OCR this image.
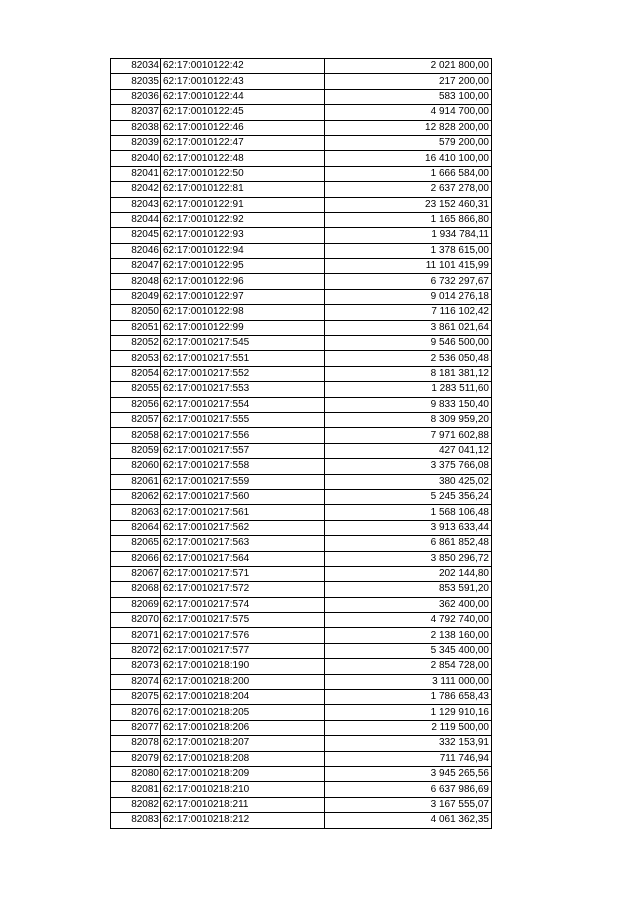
82034	62:17:0010122:42	2 021 800,00
82035	62:17:0010122:43	217 200,00
82036	62:17:0010122:44	583 100,00
82037	62:17:0010122:45	4 914 700,00
82038	62:17:0010122:46	12 828 200,00
82039	62:17:0010122:47	579 200,00
82040	62:17:0010122:48	16 410 100,00
82041	62:17:0010122:50	1 666 584,00
82042	62:17:0010122:81	2 637 278,00
82043	62:17:0010122:91	23 152 460,31
82044	62:17:0010122:92	1 165 866,80
82045	62:17:0010122:93	1 934 784,11
82046	62:17:0010122:94	1 378 615,00
82047	62:17:0010122:95	11 101 415,99
82048	62:17:0010122:96	6 732 297,67
82049	62:17:0010122:97	9 014 276,18
82050	62:17:0010122:98	7 116 102,42
82051	62:17:0010122:99	3 861 021,64
82052	62:17:0010217:545	9 546 500,00
82053	62:17:0010217:551	2 536 050,48
82054	62:17:0010217:552	8 181 381,12
82055	62:17:0010217:553	1 283 511,60
82056	62:17:0010217:554	9 833 150,40
82057	62:17:0010217:555	8 309 959,20
82058	62:17:0010217:556	7 971 602,88
82059	62:17:0010217:557	427 041,12
82060	62:17:0010217:558	3 375 766,08
82061	62:17:0010217:559	380 425,02
82062	62:17:0010217:560	5 245 356,24
82063	62:17:0010217:561	1 568 106,48
82064	62:17:0010217:562	3 913 633,44
82065	62:17:0010217:563	6 861 852,48
82066	62:17:0010217:564	3 850 296,72
82067	62:17:0010217:571	202 144,80
82068	62:17:0010217:572	853 591,20
82069	62:17:0010217:574	362 400,00
82070	62:17:0010217:575	4 792 740,00
82071	62:17:0010217:576	2 138 160,00
82072	62:17:0010217:577	5 345 400,00
82073	62:17:0010218:190	2 854 728,00
82074	62:17:0010218:200	3 111 000,00
82075	62:17:0010218:204	1 786 658,43
82076	62:17:0010218:205	1 129 910,16
82077	62:17:0010218:206	2 119 500,00
82078	62:17:0010218:207	332 153,91
82079	62:17:0010218:208	711 746,94
82080	62:17:0010218:209	3 945 265,56
82081	62:17:0010218:210	6 637 986,69
82082	62:17:0010218:211	3 167 555,07
82083	62:17:0010218:212	4 061 362,35
